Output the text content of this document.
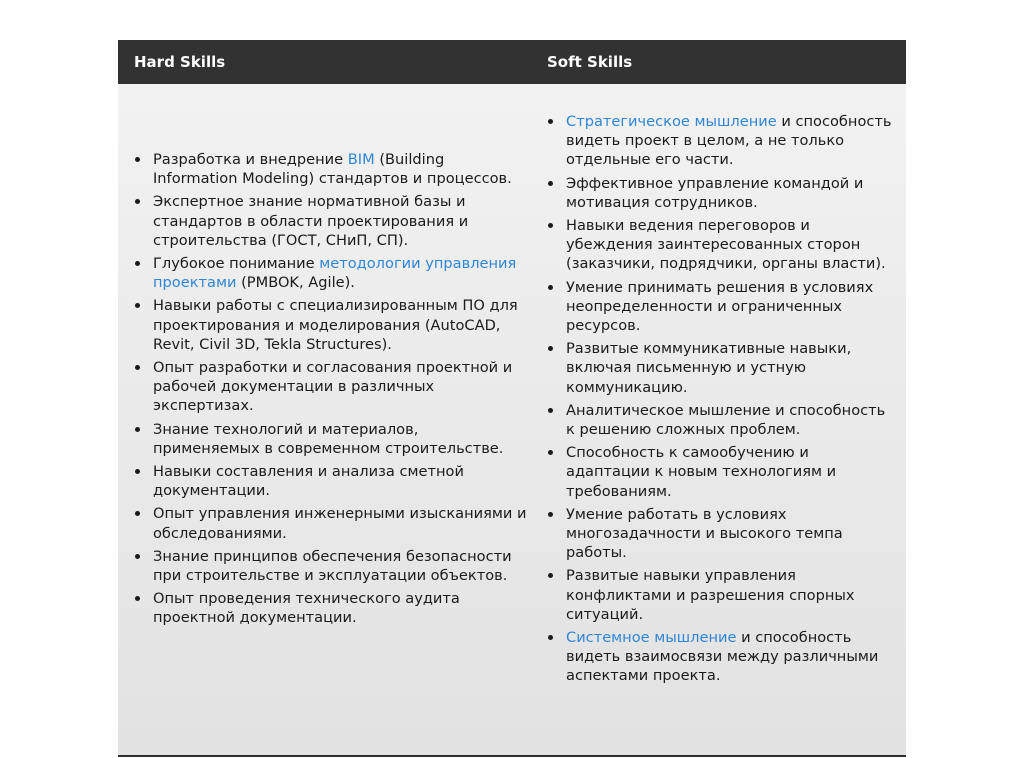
Hard Skills	Soft Skills
Разработка и внедрение BIM (Building Information Modeling) стандартов и процессов.
Экспертное знание нормативной базы и стандартов в области проектирования и строительства (ГОСТ, СНиП, СП).
Глубокое понимание методологии управления проектами (PMBOK, Agile).
Навыки работы с специализированным ПО для проектирования и моделирования (AutoCAD, Revit, Civil 3D, Tekla Structures).
Опыт разработки и согласования проектной и рабочей документации в различных экспертизах.
Знание технологий и материалов, применяемых в современном строительстве.
Навыки составления и анализа сметной документации.
Опыт управления инженерными изысканиями и обследованиями.
Знание принципов обеспечения безопасности при строительстве и эксплуатации объектов.
Опыт проведения технического аудита проектной документации.
Стратегическое мышление и способность видеть проект в целом, а не только отдельные его части.
Эффективное управление командой и мотивация сотрудников.
Навыки ведения переговоров и убеждения заинтересованных сторон (заказчики, подрядчики, органы власти).
Умение принимать решения в условиях неопределенности и ограниченных ресурсов.
Развитые коммуникативные навыки, включая письменную и устную коммуникацию.
Аналитическое мышление и способность к решению сложных проблем.
Способность к самообучению и адаптации к новым технологиям и требованиям.
Умение работать в условиях многозадачности и высокого темпа работы.
Развитые навыки управления конфликтами и разрешения спорных ситуаций.
Системное мышление и способность видеть взаимосвязи между различными аспектами проекта.
